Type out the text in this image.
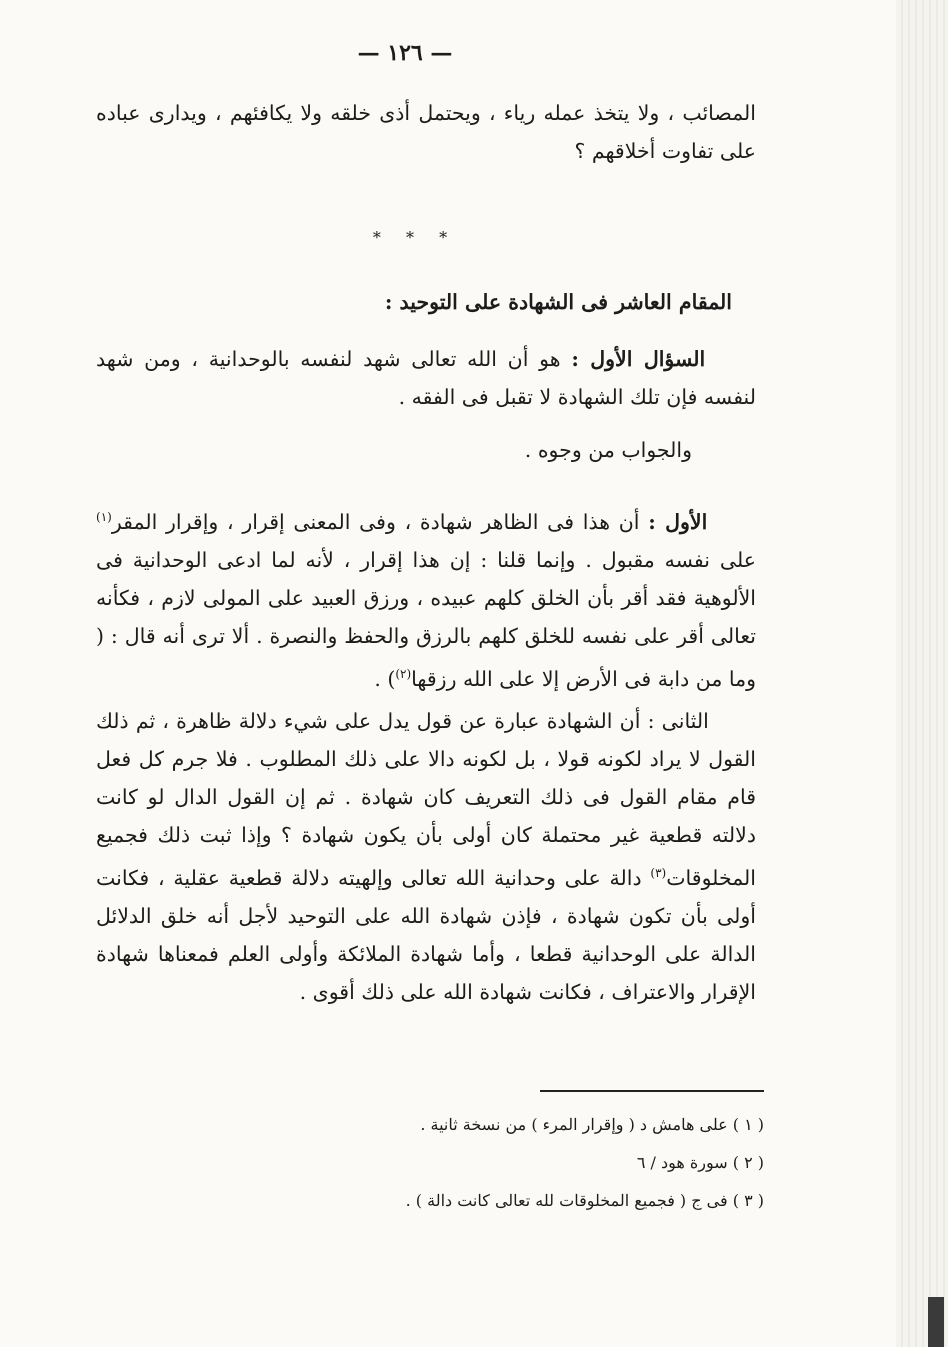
— ١٢٦ —

المصائب ، ولا يتخذ عمله رياء ، ويحتمل أذى خلقه ولا يكافئهم ، ويدارى عباده على تفاوت أخلاقهم ؟

* * *
المقام العاشر فى الشهادة على التوحيد :

السؤال الأول : هو أن الله تعالى شهد لنفسه بالوحدانية ، ومن شهد لنفسه فإن تلك الشهادة لا تقبل فى الفقه .

والجواب من وجوه .

الأول : أن هذا فى الظاهر شهادة ، وفى المعنى إقرار ، وإقرار المقر$^{(١)}$ على نفسه مقبول . وإنما قلنا : إن هذا إقرار ، لأنه لما ادعى الوحدانية فى الألوهية فقد أقر بأن الخلق كلهم عبيده ، ورزق العبيد على المولى لازم ، فكأنه تعالى أقر على نفسه للخلق كلهم بالرزق والحفظ والنصرة . ألا ترى أنه قال : ( وما من دابة فى الأرض إلا على الله رزقها$^{(٢)}$) .

الثانى : أن الشهادة عبارة عن قول يدل على شيء دلالة ظاهرة ، ثم ذلك القول لا يراد لكونه قولا ، بل لكونه دالا على ذلك المطلوب . فلا جرم كل فعل قام مقام القول فى ذلك التعريف كان شهادة . ثم إن القول الدال لو كانت دلالته قطعية غير محتملة كان أولى بأن يكون شهادة ؟ وإذا ثبت ذلك فجميع المخلوقات$^{(٣)}$ دالة على وحدانية الله تعالى وإلهيته دلالة قطعية عقلية ، فكانت أولى بأن تكون شهادة ، فإذن شهادة الله على التوحيد لأجل أنه خلق الدلائل الدالة على الوحدانية قطعا ، وأما شهادة الملائكة وأولى العلم فمعناها شهادة الإقرار والاعتراف ، فكانت شهادة الله على ذلك أقوى .

( ١ ) على هامش د ( وإقرار المرء ) من نسخة ثانية .

( ٢ ) سورة هود / ٦

( ٣ ) فى ج ( فجميع المخلوقات لله تعالى كانت دالة ) .
